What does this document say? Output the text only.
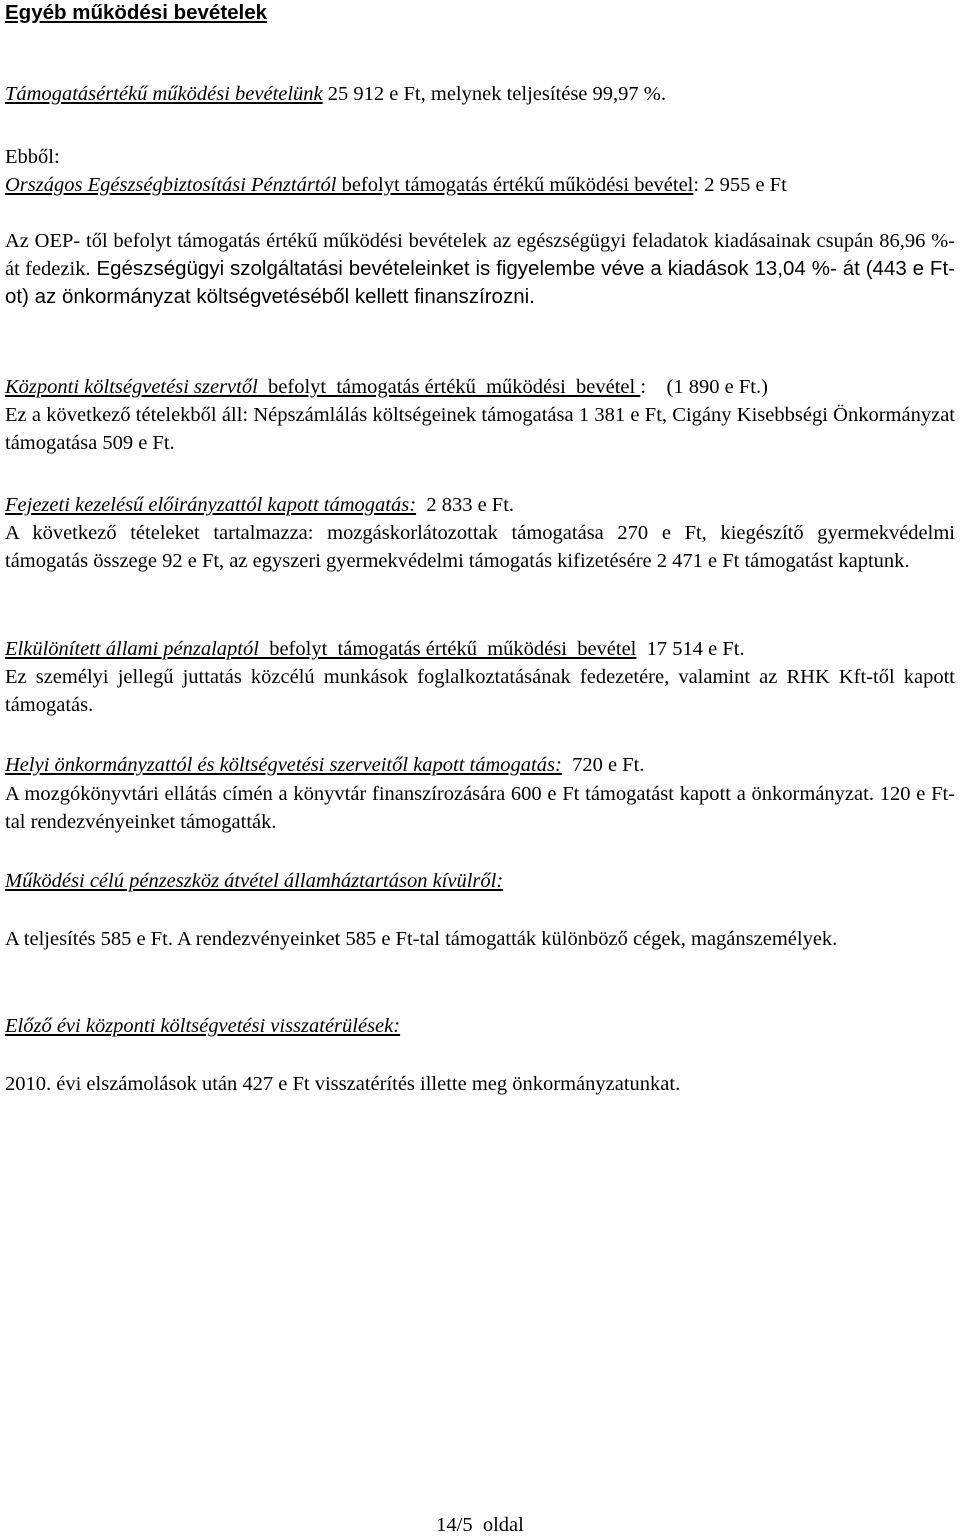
Egyéb működési bevételek

Támogatásértékű működési bevételünk 25 912 e Ft, melynek teljesítése 99,97 %.

Ebből:
Országos Egészségbiztosítási Pénztártól befolyt támogatás értékű működési bevétel: 2 955 e Ft

Az OEP- től befolyt támogatás értékű működési bevételek az egészségügyi feladatok kiadásainak csupán 86,96 %-át fedezik. Egészségügyi szolgáltatási bevételeinket is figyelembe véve a kiadások 13,04 %- át (443 e Ft- ot) az önkormányzat költségvetéséből kellett finanszírozni.

Központi költségvetési szervtől  befolyt  támogatás értékű  működési  bevétel :    (1 890 e Ft.)

Ez a következő tételekből áll: Népszámlálás költségeinek támogatása 1 381 e Ft, Cigány Kisebbségi Önkormányzat támogatása 509 e Ft.

Fejezeti kezelésű előirányzattól kapott támogatás:  2 833 e Ft.

A következő tételeket tartalmazza: mozgáskorlátozottak támogatása 270 e Ft, kiegészítő gyermekvédelmi támogatás összege 92 e Ft, az egyszeri gyermekvédelmi támogatás kifizetésére 2 471 e Ft támogatást kaptunk.

Elkülönített állami pénzalaptól  befolyt  támogatás értékű  működési  bevétel  17 514 e Ft.

Ez személyi jellegű juttatás közcélú munkások foglalkoztatásának fedezetére, valamint az RHK Kft-től kapott támogatás.

Helyi önkormányzattól és költségvetési szerveitől kapott támogatás:  720 e Ft.

A mozgókönyvtári ellátás címén a könyvtár finanszírozására 600 e Ft támogatást kapott a önkormányzat. 120 e Ft-tal rendezvényeinket támogatták.

Működési célú pénzeszköz átvétel államháztartáson kívülről:

A teljesítés 585 e Ft. A rendezvényeinket 585 e Ft-tal támogatták különböző cégek, magánszemélyek.

Előző évi központi költségvetési visszatérülések:

2010. évi elszámolások után 427 e Ft visszatérítés illette meg önkormányzatunkat.

14/5  oldal
